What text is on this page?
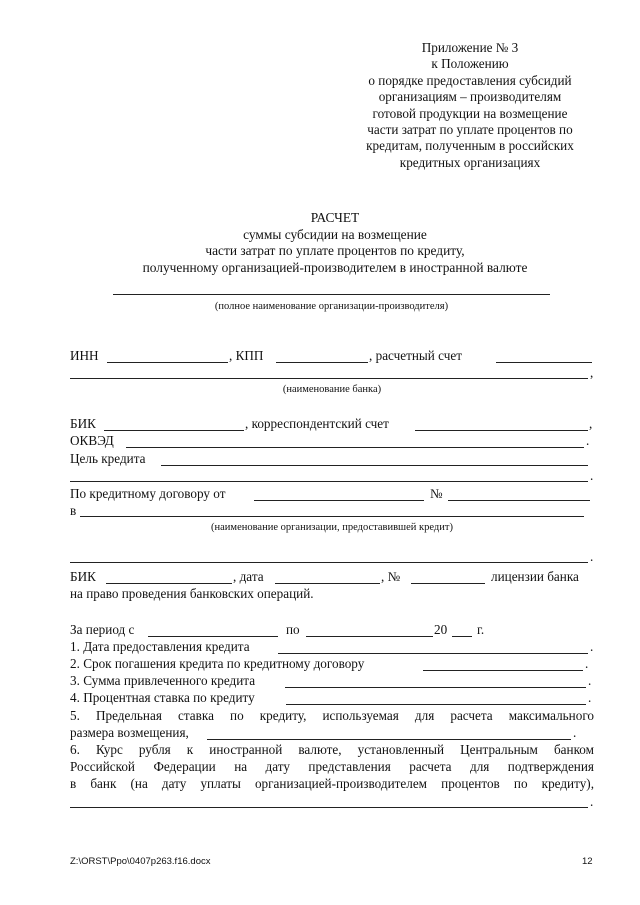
Приложение № 3
к Положению
о порядке предоставления субсидий
организациям – производителям
готовой продукции на возмещение
части затрат по уплате процентов по
кредитам, полученным в российских
кредитных организациях
РАСЧЕТ
суммы субсидии на возмещение
части затрат по уплате процентов по кредиту,
полученному организацией-производителем в иностранной валюте
(полное наименование организации-производителя)
ИНН	, КПП	, расчетный счет
,
(наименование банка)
БИК	, корреспондентский счет	,
ОКВЭД	.
Цель кредита
.
По кредитному договору от	№
в
(наименование организации, предоставившей кредит)
.
БИК	, дата	, №	лицензии банка
на право проведения банковских операций.
За период с	по	20 г.
1. Дата предоставления кредита	.
2. Срок погашения кредита по кредитному договору	.
3. Сумма привлеченного кредита	.
4. Процентная ставка по кредиту	.
5. Предельная ставка по кредиту, используемая для расчета максимального
размера возмещения,	.
6. Курс рубля к иностранной валюте, установленный Центральным банком
Российской Федерации на дату представления расчета для подтверждения
в банк (на дату уплаты организацией-производителем процентов по кредиту),
.
Z:\ORST\Ppo\0407p263.f16.docx	12
